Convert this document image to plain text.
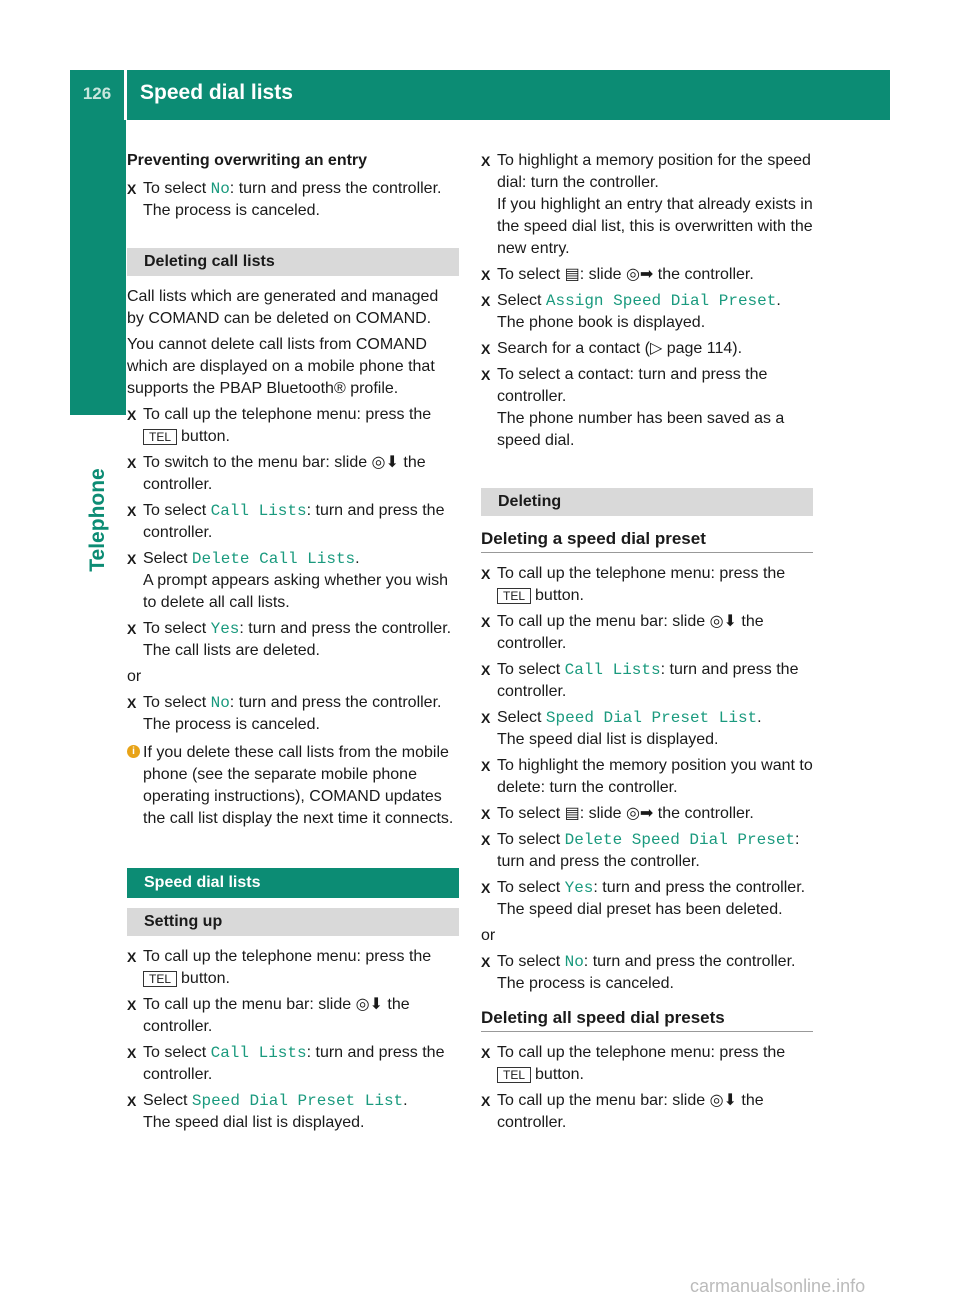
126	Speed dial lists
Telephone
Preventing overwriting an entry
X To select No: turn and press the controller.
The process is canceled.
Deleting call lists
Call lists which are generated and managed by COMAND can be deleted on COMAND.
You cannot delete call lists from COMAND which are displayed on a mobile phone that supports the PBAP Bluetooth® profile.
X To call up the telephone menu: press the
TEL button.
X To switch to the menu bar: slide ◎⬇ the controller.
X To select Call Lists: turn and press the controller.
X Select Delete Call Lists.
A prompt appears asking whether you wish to delete all call lists.
X To select Yes: turn and press the controller.
The call lists are deleted.
or
X To select No: turn and press the controller.
The process is canceled.
i If you delete these call lists from the mobile phone (see the separate mobile phone operating instructions), COMAND updates the call list display the next time it connects.
Speed dial lists
Setting up
X To call up the telephone menu: press the
TEL button.
X To call up the menu bar: slide ◎⬇ the controller.
X To select Call Lists: turn and press the controller.
X Select Speed Dial Preset List.
The speed dial list is displayed.
X To highlight a memory position for the speed dial: turn the controller.
If you highlight an entry that already exists in the speed dial list, this is overwritten with the new entry.
X To select ▤: slide ◎➡ the controller.
X Select Assign Speed Dial Preset.
The phone book is displayed.
X Search for a contact (▷ page 114).
X To select a contact: turn and press the controller.
The phone number has been saved as a speed dial.
Deleting
Deleting a speed dial preset
X To call up the telephone menu: press the
TEL button.
X To call up the menu bar: slide ◎⬇ the controller.
X To select Call Lists: turn and press the controller.
X Select Speed Dial Preset List.
The speed dial list is displayed.
X To highlight the memory position you want to delete: turn the controller.
X To select ▤: slide ◎➡ the controller.
X To select Delete Speed Dial Preset: turn and press the controller.
X To select Yes: turn and press the controller.
The speed dial preset has been deleted.
or
X To select No: turn and press the controller.
The process is canceled.
Deleting all speed dial presets
X To call up the telephone menu: press the
TEL button.
X To call up the menu bar: slide ◎⬇ the controller.
carmanualsonline.info
